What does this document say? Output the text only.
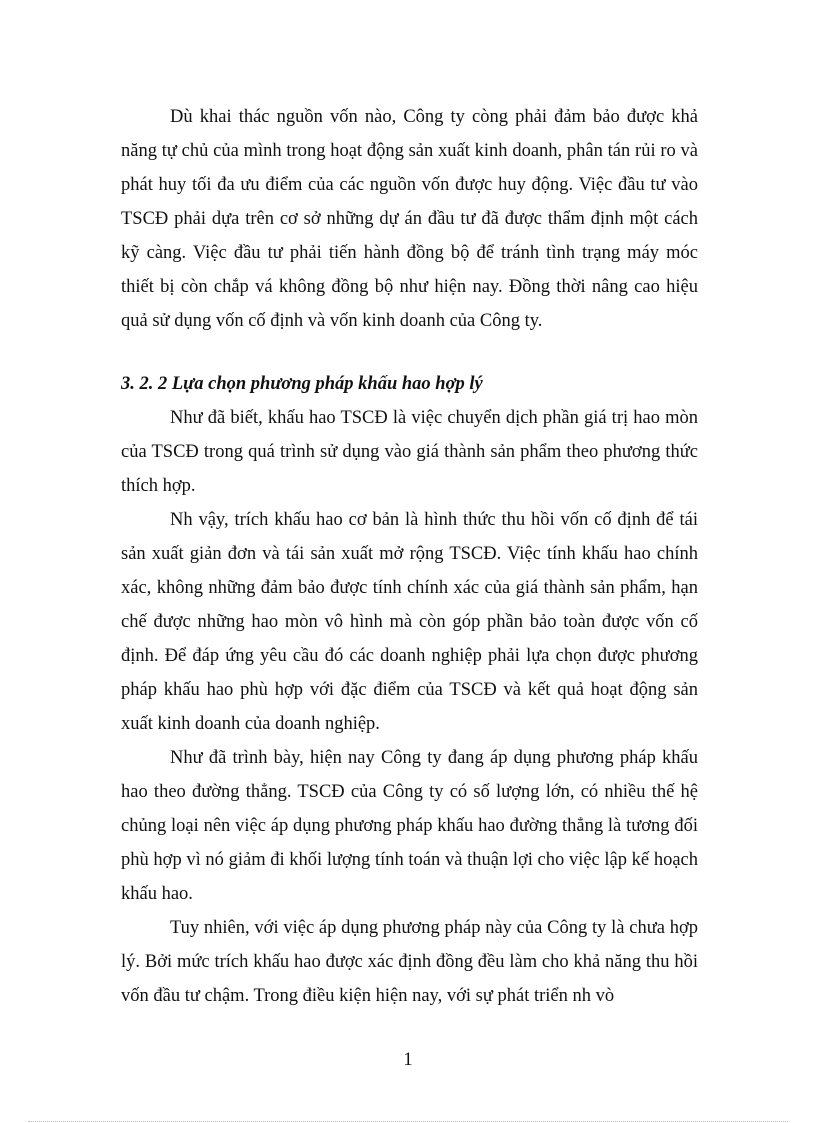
Dù khai thác nguồn vốn nào, Công ty còng phải đảm bảo được khả năng tự chủ của mình trong hoạt động sản xuất kinh doanh, phân tán rủi ro và phát huy tối đa ưu điểm của các nguồn vốn được huy động. Việc đầu tư vào TSCĐ phải dựa trên cơ sở những dự án đầu tư đã được thẩm định một cách kỹ càng. Việc đầu tư phải tiến hành đồng bộ để tránh tình trạng máy móc thiết bị còn chắp vá không đồng bộ như hiện nay. Đồng thời nâng cao hiệu quả sử dụng vốn cố định và vốn kinh doanh của Công ty.

3. 2. 2 Lựa chọn phương pháp khấu hao hợp lý

Như đã biết, khấu hao TSCĐ là việc chuyển dịch phần giá trị hao mòn của TSCĐ trong quá trình sử dụng vào giá thành sản phẩm theo phương thức thích hợp.

Nh vậy, trích khấu hao cơ bản là hình thức thu hồi vốn cố định để tái sản xuất giản đơn và tái sản xuất mở rộng TSCĐ. Việc tính khấu hao chính xác, không những đảm bảo được tính chính xác của giá thành sản phẩm, hạn chế được những hao mòn vô hình mà còn góp phần bảo toàn được vốn cố định. Để đáp ứng yêu cầu đó các doanh nghiệp phải lựa chọn được phương pháp khấu hao phù hợp với đặc điểm của TSCĐ và kết quả hoạt động sản xuất kinh doanh của doanh nghiệp.

Như đã trình bày, hiện nay Công ty đang áp dụng phương pháp khấu hao theo đường thẳng. TSCĐ của Công ty có số lượng lớn, có nhiều thế hệ chủng loại nên việc áp dụng phương pháp khấu hao đường thẳng là tương đối phù hợp vì nó giảm đi khối lượng tính toán và thuận lợi cho việc lập kế hoạch khấu hao.

Tuy nhiên, với việc áp dụng phương pháp này của Công ty là chưa hợp lý. Bởi mức trích khấu hao được xác định đồng đều làm cho khả năng thu hồi vốn đầu tư chậm. Trong điều kiện hiện nay, với sự phát triển nh vò

1
